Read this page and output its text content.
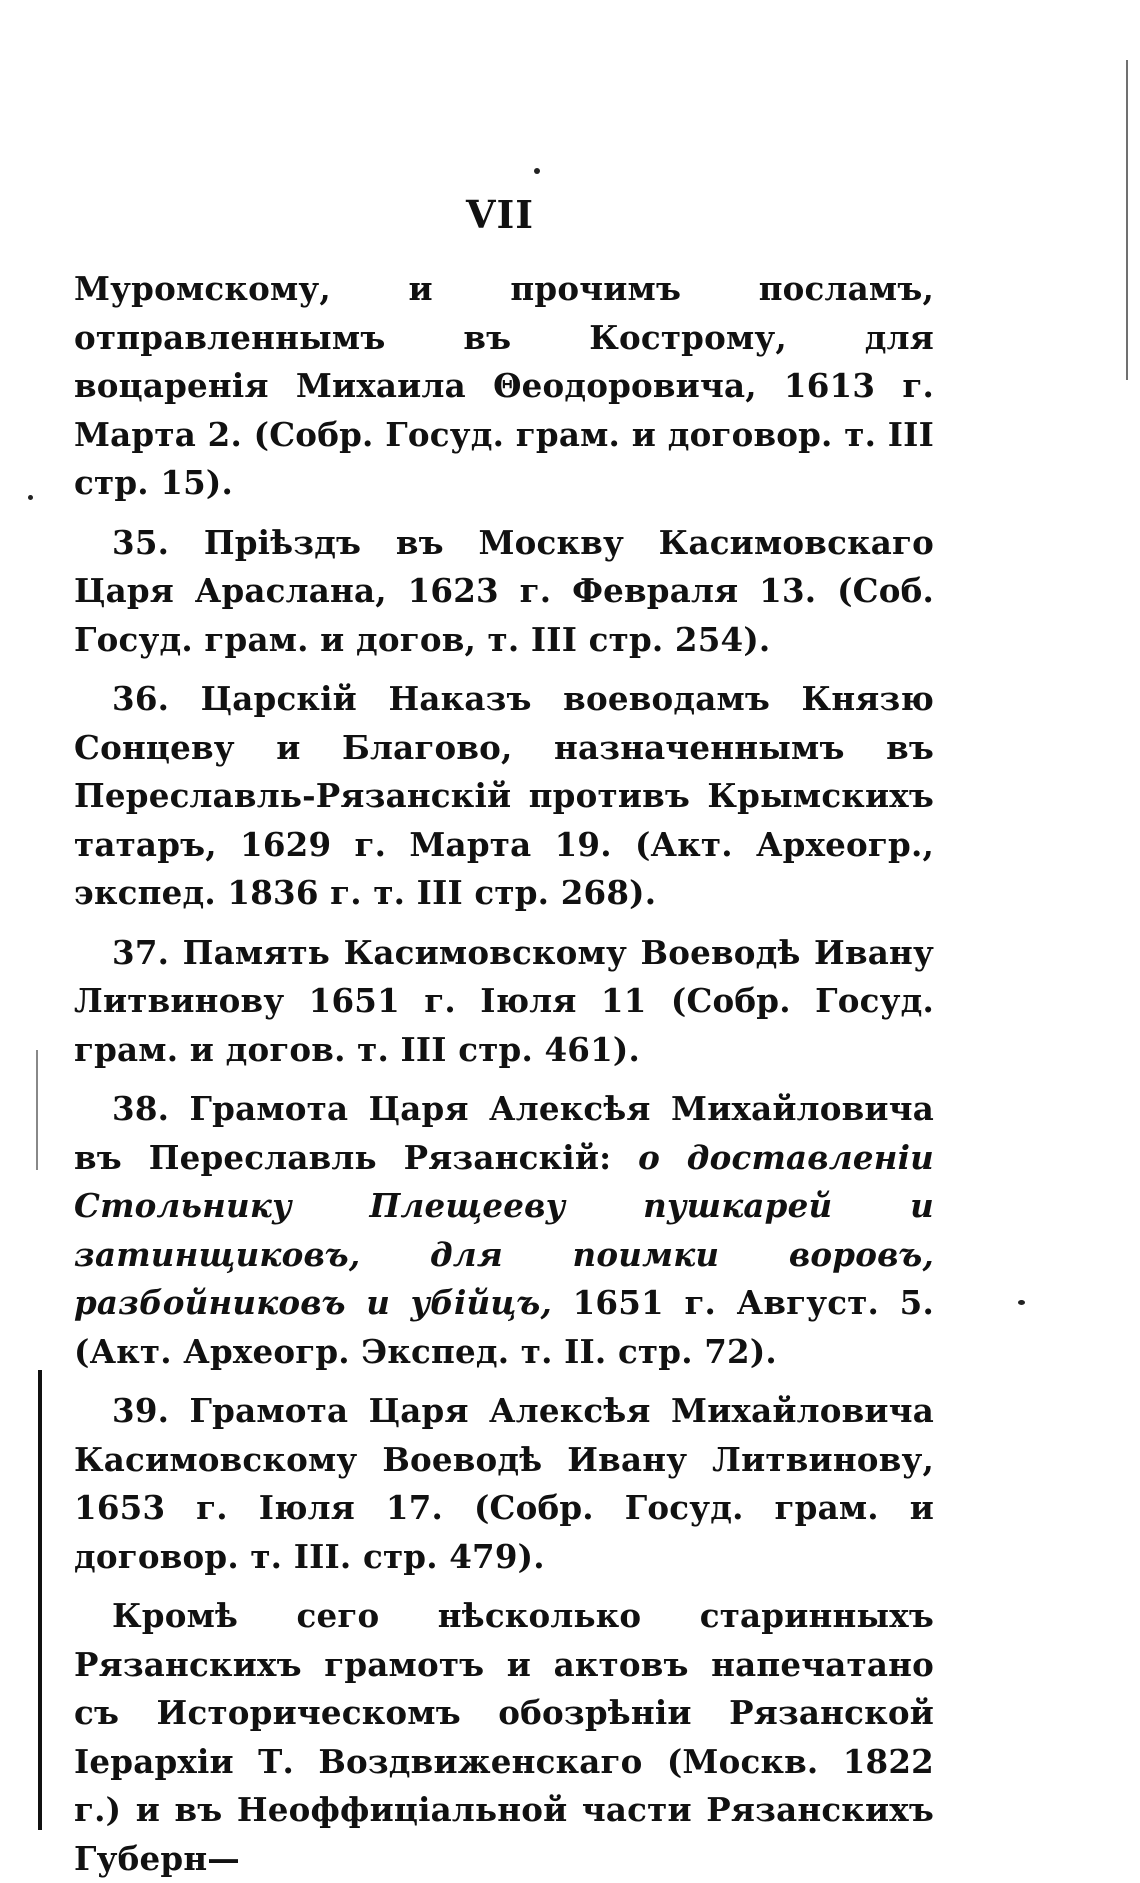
VII

Муромскому, и прочимъ посламъ, отправленнымъ въ Кострому, для воцаренія Михаила Θеодоровича, 1613 г. Марта 2. (Собр. Госуд. грам. и договор. т. III стр. 15).

35. Пріѣздъ въ Москву Касимовскаго Царя Араслана, 1623 г. Февраля 13. (Соб. Госуд. грам. и догов, т. III стр. 254).

36. Царскій Наказъ воеводамъ Князю Сонцеву и Благово, назначеннымъ въ Переславль-Рязанскій противъ Крымскихъ татаръ, 1629 г. Марта 19. (Акт. Археогр., экспед. 1836 г. т. III стр. 268).

37. Память Касимовскому Воеводѣ Ивану Литвинову 1651 г. Іюля 11 (Собр. Госуд. грам. и догов. т. III стр. 461).

38. Грамота Царя Алексѣя Михайловича въ Переславль Рязанскій: о доставленіи Стольнику Плещееву пушкарей и затинщиковъ, для поимки воровъ, разбойниковъ и убійцъ, 1651 г. Август. 5. (Акт. Археогр. Экспед. т. II. стр. 72).

39. Грамота Царя Алексѣя Михайловича Касимовскому Воеводѣ Ивану Литвинову, 1653 г. Іюля 17. (Собр. Госуд. грам. и договор. т. III. стр. 479).

Кромѣ сего нѣсколько старинныхъ Рязанскихъ грамотъ и актовъ напечатано съ Историческомъ обозрѣніи Рязанской Іерархіи Т. Воздвиженскаго (Москв. 1822 г.) и въ Неоффиціальной части Рязанскихъ Губерн—
